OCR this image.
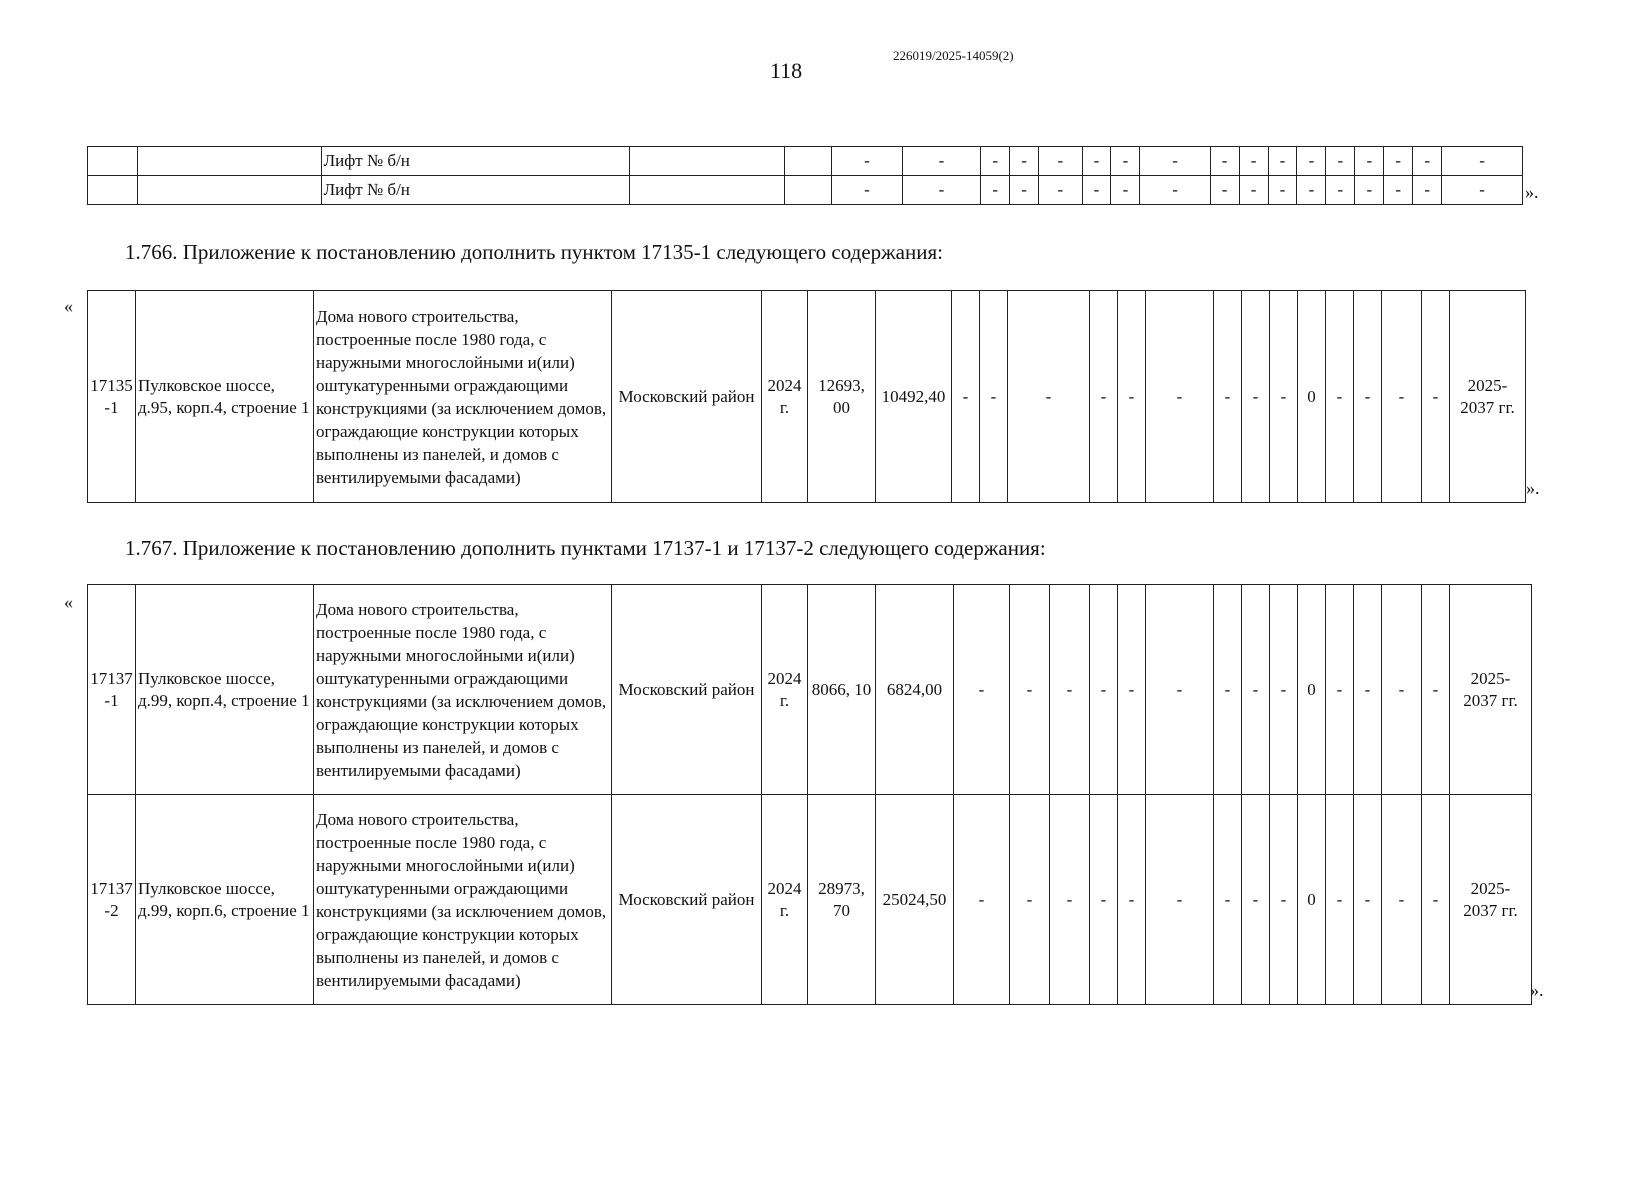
118
226019/2025-14059(2)
		Лифт № б/н			-	-	-	-	-	-	-	-	-	-	-	-	-	-	-	-	-
		Лифт № б/н			-	-	-	-	-	-	-	-	-	-	-	-	-	-	-	-	- ».
1.766. Приложение к постановлению дополнить пунктом 17135-1 следующего содержания:
«
17135
-1	Пулковское шоссе, д.95, корп.4, строение 1	Дома нового строительства, построенные после 1980 года, с наружными многослойными и(или) оштукатуренными ограждающими конструкциями (за исключением домов, ограждающие конструкции которых выполнены из панелей, и домов с вентилируемыми фасадами)	Московский район	2024 г.	12693, 00	10492,40	-	-	-	-	-	-	-	-	-	0	-	-	-	-	2025- 2037 гг.
».
1.767. Приложение к постановлению дополнить пунктами 17137-1 и 17137-2 следующего содержания:
«
17137
-1	Пулковское шоссе, д.99, корп.4, строение 1	Дома нового строительства, построенные после 1980 года, с наружными многослойными и(или) оштукатуренными ограждающими конструкциями (за исключением домов, ограждающие конструкции которых выполнены из панелей, и домов с вентилируемыми фасадами)	Московский район	2024 г.	8066, 10	6824,00	-	-	-	-	-	-	-	-	-	0	-	-	-	-	2025- 2037 гг.
17137
-2	Пулковское шоссе, д.99, корп.6, строение 1	Дома нового строительства, построенные после 1980 года, с наружными многослойными и(или) оштукатуренными ограждающими конструкциями (за исключением домов, ограждающие конструкции которых выполнены из панелей, и домов с вентилируемыми фасадами)	Московский район	2024 г.	28973, 70	25024,50	-	-	-	-	-	-	-	-	-	0	-	-	-	-	2025- 2037 гг.
».
